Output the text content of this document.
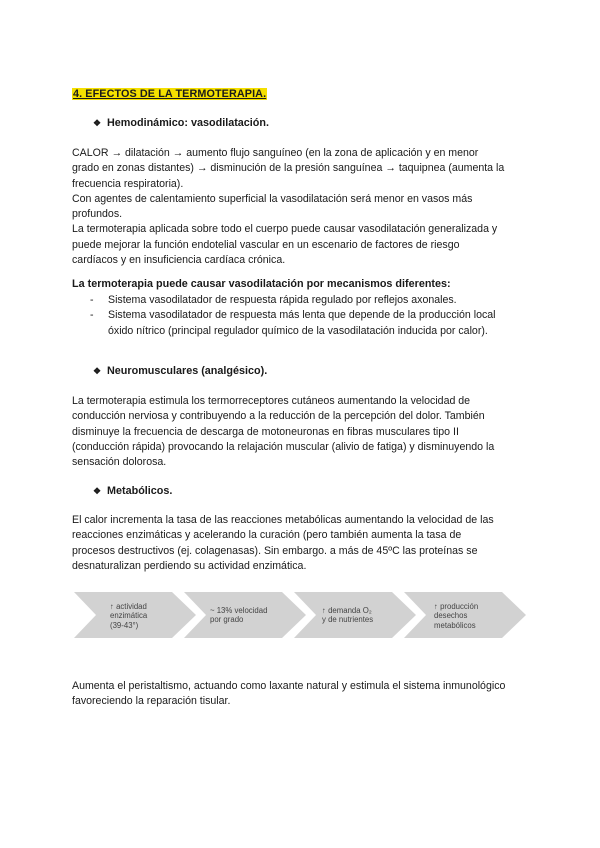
4. EFECTOS DE LA TERMOTERAPIA.
❖ Hemodinámico: vasodilatación.
CALOR → dilatación → aumento flujo sanguíneo (en la zona de aplicación y en menor
grado en zonas distantes) → disminución de la presión sanguínea → taquipnea (aumenta la
frecuencia respiratoria).
Con agentes de calentamiento superficial la vasodilatación será menor en vasos más
profundos.
La termoterapia aplicada sobre todo el cuerpo puede causar vasodilatación generalizada y
puede mejorar la función endotelial vascular en un escenario de factores de riesgo
cardíacos y en insuficiencia cardíaca crónica.
La termoterapia puede causar vasodilatación por mecanismos diferentes:
- Sistema vasodilatador de respuesta rápida regulado por reflejos axonales.
- Sistema vasodilatador de respuesta más lenta que depende de la producción local
óxido nítrico (principal regulador químico de la vasodilatación inducida por calor).
❖ Neuromusculares (analgésico).
La termoterapia estimula los termorreceptores cutáneos aumentando la velocidad de
conducción nerviosa y contribuyendo a la reducción de la percepción del dolor. También
disminuye la frecuencia de descarga de motoneuronas en fibras musculares tipo II
(conducción rápida) provocando la relajación muscular (alivio de fatiga) y disminuyendo la
sensación dolorosa.
❖ Metabólicos.
El calor incrementa la tasa de las reacciones metabólicas aumentando la velocidad de las
reacciones enzimáticas y acelerando la curación (pero también aumenta la tasa de
procesos destructivos (ej. colagenasas). Sin embargo. a más de 45ºC las proteínas se
desnaturalizan perdiendo su actividad enzimática.
↑ actividad
enzimática
(39-43°)
~ 13% velocidad
por grado
↑ demanda O₂
y de nutrientes
↑ producción
desechos
metabólicos
Aumenta el peristaltismo, actuando como laxante natural y estimula el sistema inmunológico
favoreciendo la reparación tisular.
